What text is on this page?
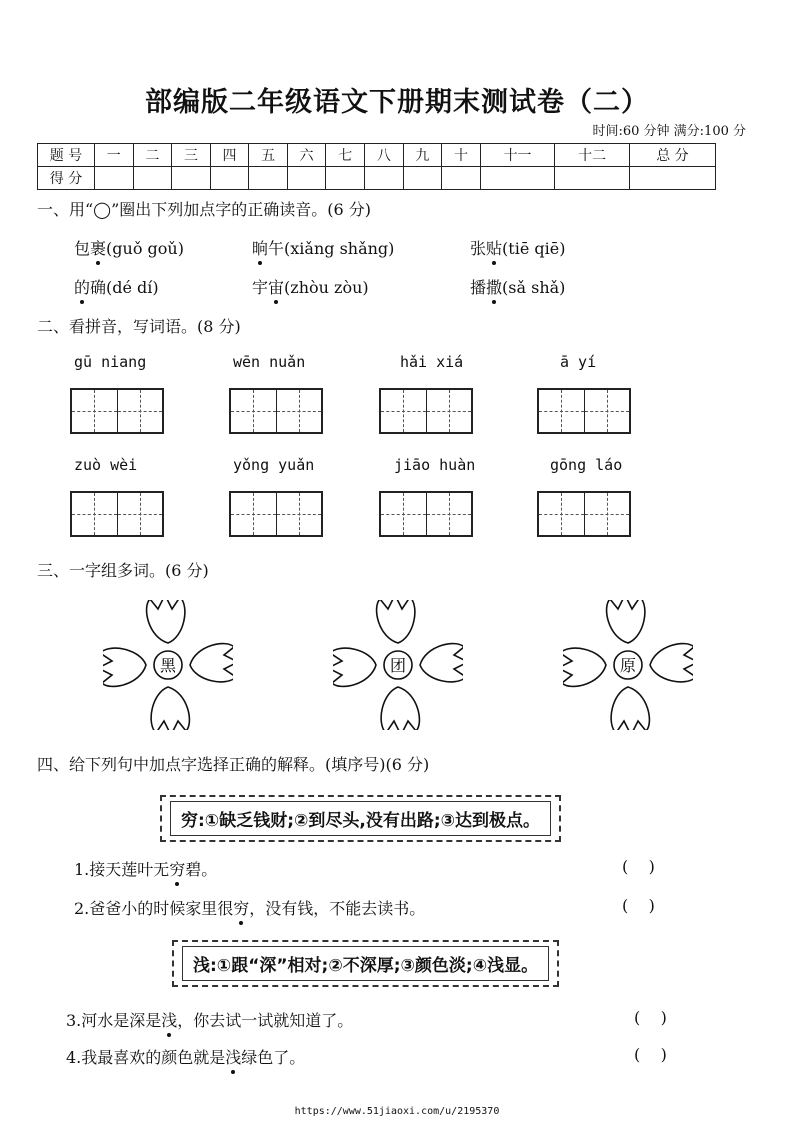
部编版二年级语文下册期末测试卷（二）
时间:60 分钟 满分:100 分
题 号	一	二	三	四	五	六	七	八	九	十	十一	十二	总 分
得 分													
一、用“◯”圈出下列加点字的正确读音。(6 分)
包裹(guǒ goǔ)	晌午(xiǎng shǎng)	张贴(tiē qiē)
的确(dé dí)	宇宙(zhòu zòu)	播撒(sǎ shǎ)
二、看拼音，写词语。(8 分)
gū niang	wēn nuǎn	hǎi xiá	ā yí
zuò wèi	yǒng yuǎn	jiāo huàn	gōng láo
三、一字组多词。(6 分)
黑	团	原
四、给下列句中加点字选择正确的解释。(填序号)(6 分)
穷:①缺乏钱财;②到尽头,没有出路;③达到极点。
浅:①跟“深”相对;②不深厚;③颜色淡;④浅显。
1.接天莲叶无穷碧。	(    )
2.爸爸小的时候家里很穷，没有钱，不能去读书。	(    )
3.河水是深是浅，你去试一试就知道了。	(    )
4.我最喜欢的颜色就是浅绿色了。	(    )
https://www.51jiaoxi.com/u/2195370
